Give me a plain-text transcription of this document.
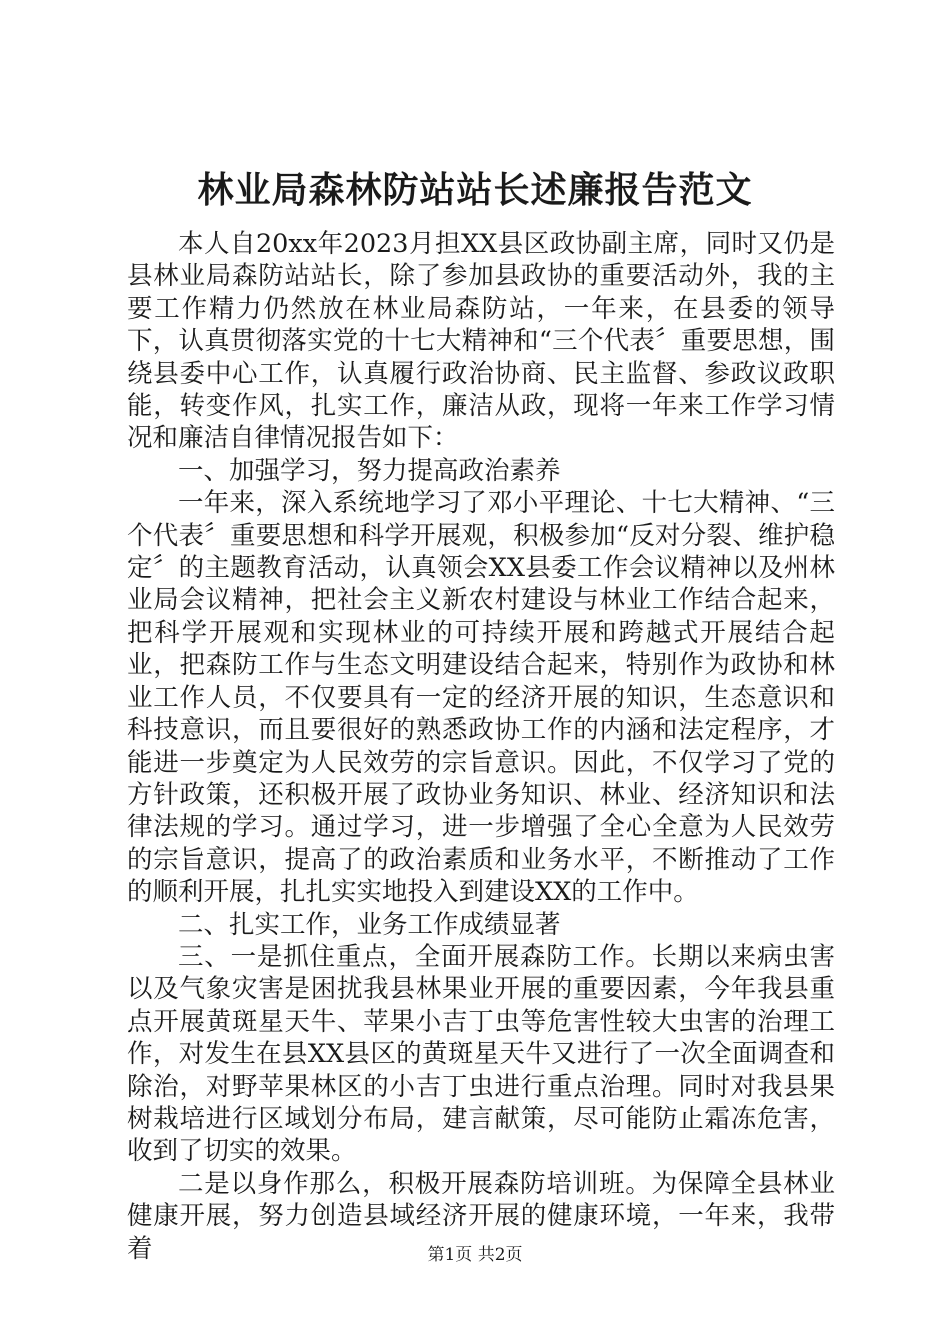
林业局森林防站站长述廉报告范文

本人自20xx年2023月担XX县区政协副主席，同时又仍是县林业局森防站站长，除了参加县政协的重要活动外，我的主要工作精力仍然放在林业局森防站，一年来，在县委的领导下，认真贯彻落实党的十七大精神和“三个代表〞重要思想，围绕县委中心工作，认真履行政治协商、民主监督、参政议政职能，转变作风，扎实工作，廉洁从政，现将一年来工作学习情况和廉洁自律情况报告如下：

一、加强学习，努力提高政治素养

一年来，深入系统地学习了邓小平理论、十七大精神、“三个代表〞重要思想和科学开展观，积极参加“反对分裂、维护稳定〞的主题教育活动，认真领会XX县委工作会议精神以及州林业局会议精神，把社会主义新农村建设与林业工作结合起来，把科学开展观和实现林业的可持续开展和跨越式开展结合起业，把森防工作与生态文明建设结合起来，特别作为政协和林业工作人员，不仅要具有一定的经济开展的知识，生态意识和科技意识，而且要很好的熟悉政协工作的内涵和法定程序，才能进一步奠定为人民效劳的宗旨意识。因此，不仅学习了党的方针政策，还积极开展了政协业务知识、林业、经济知识和法律法规的学习。通过学习，进一步增强了全心全意为人民效劳的宗旨意识，提高了的政治素质和业务水平，不断推动了工作的顺利开展，扎扎实实地投入到建设XX的工作中。

二、扎实工作，业务工作成绩显著

三、一是抓住重点，全面开展森防工作。长期以来病虫害以及气象灾害是困扰我县林果业开展的重要因素，今年我县重点开展黄斑星天牛、苹果小吉丁虫等危害性较大虫害的治理工作，对发生在县XX县区的黄斑星天牛又进行了一次全面调查和除治，对野苹果林区的小吉丁虫进行重点治理。同时对我县果树栽培进行区域划分布局，建言献策，尽可能防止霜冻危害，收到了切实的效果。

二是以身作那么，积极开展森防培训班。为保障全县林业健康开展，努力创造县域经济开展的健康环境，一年来，我带着	第1页 共2页
